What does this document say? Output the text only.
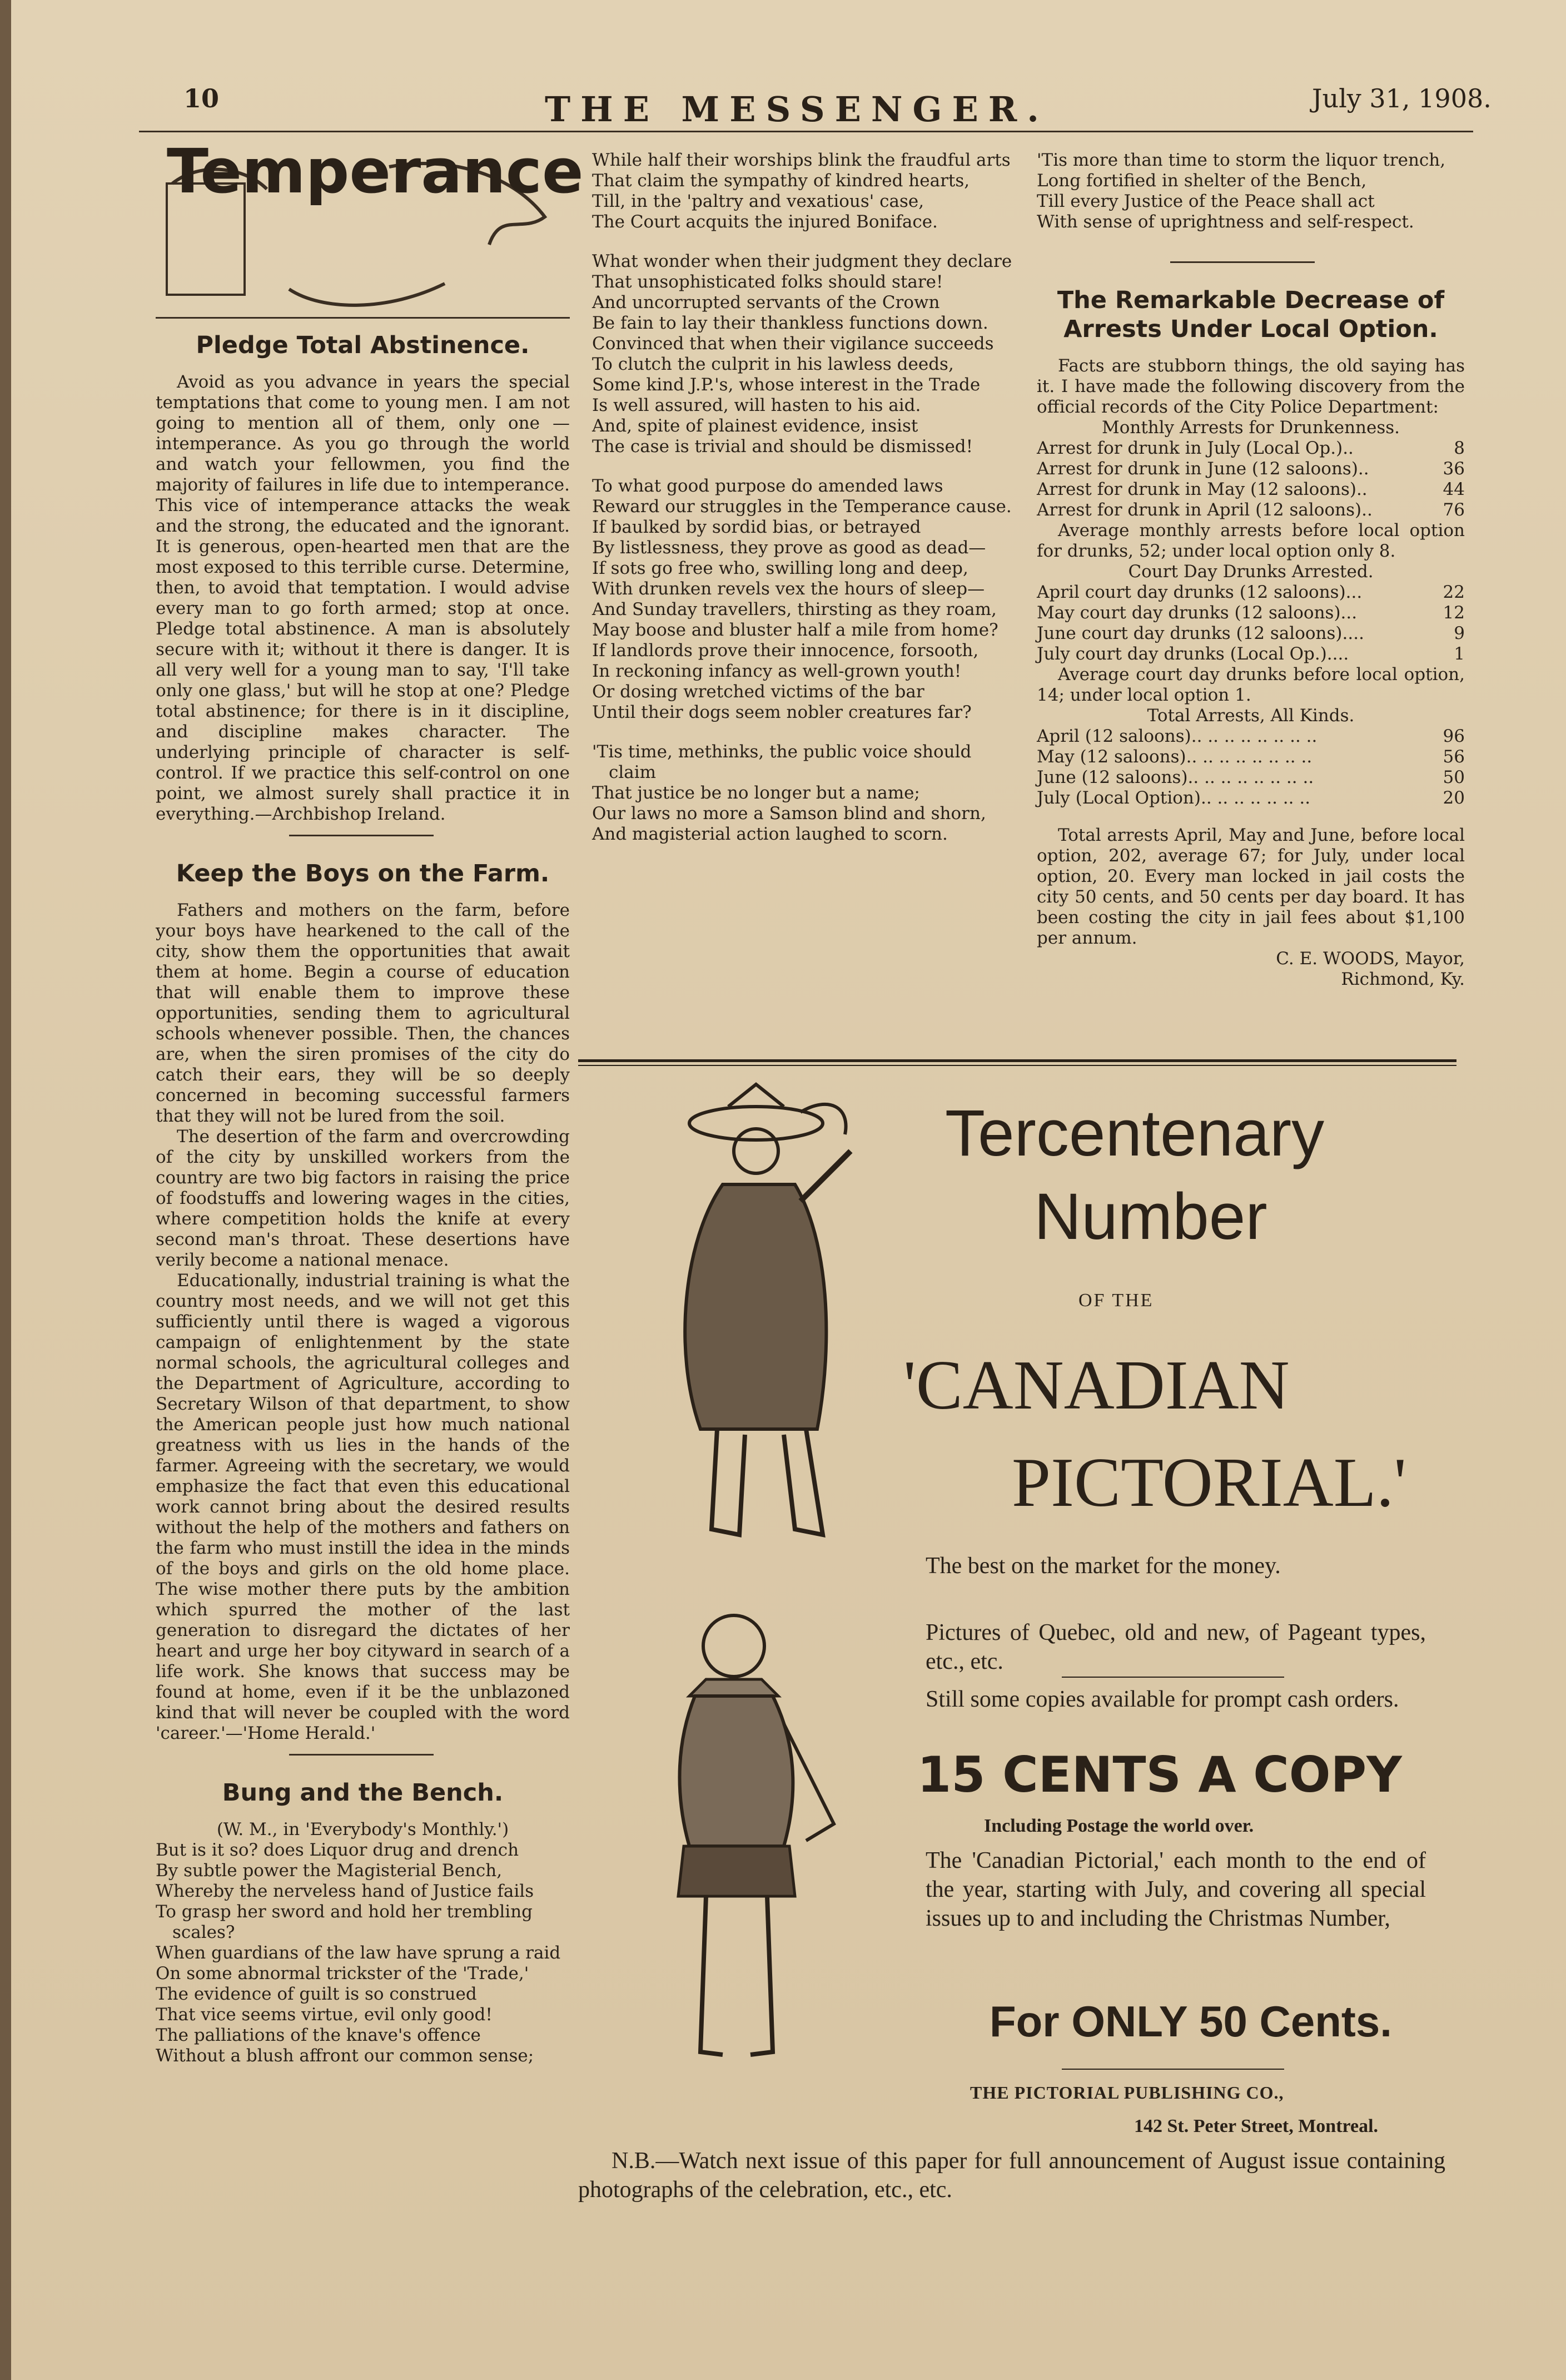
10	THE MESSENGER.	July 31, 1908.
Temperance
Pledge Total Abstinence.

Avoid as you advance in years the special temptations that come to young men. I am not going to mention all of them, only one —intemperance. As you go through the world and watch your fellowmen, you find the majority of failures in life due to intemperance. This vice of intemperance attacks the weak and the strong, the educated and the ignorant. It is generous, open-hearted men that are the most exposed to this terrible curse. Determine, then, to avoid that temptation. I would advise every man to go forth armed; stop at once. Pledge total abstinence. A man is absolutely secure with it; without it there is danger. It is all very well for a young man to say, 'I'll take only one glass,' but will he stop at one? Pledge total abstinence; for there is in it discipline, and discipline makes character. The underlying principle of character is self-control. If we practice this self-control on one point, we almost surely shall practice it in everything.—Archbishop Ireland.

Keep the Boys on the Farm.

Fathers and mothers on the farm, before your boys have hearkened to the call of the city, show them the opportunities that await them at home. Begin a course of education that will enable them to improve these opportunities, sending them to agricultural schools whenever possible. Then, the chances are, when the siren promises of the city do catch their ears, they will be so deeply concerned in becoming successful farmers that they will not be lured from the soil.

The desertion of the farm and overcrowding of the city by unskilled workers from the country are two big factors in raising the price of foodstuffs and lowering wages in the cities, where competition holds the knife at every second man's throat. These desertions have verily become a national menace.

Educationally, industrial training is what the country most needs, and we will not get this sufficiently until there is waged a vigorous campaign of enlightenment by the state normal schools, the agricultural colleges and the Department of Agriculture, according to Secretary Wilson of that department, to show the American people just how much national greatness with us lies in the hands of the farmer. Agreeing with the secretary, we would emphasize the fact that even this educational work cannot bring about the desired results without the help of the mothers and fathers on the farm who must instill the idea in the minds of the boys and girls on the old home place. The wise mother there puts by the ambition which spurred the mother of the last generation to disregard the dictates of her heart and urge her boy cityward in search of a life work. She knows that success may be found at home, even if it be the unblazoned kind that will never be coupled with the word 'career.'—'Home Herald.'

Bung and the Bench.

(W. M., in 'Everybody's Monthly.')

But is it so? does Liquor drug and drench
By subtle power the Magisterial Bench,
Whereby the nerveless hand of Justice fails
To grasp her sword and hold her trembling scales?
When guardians of the law have sprung a raid
On some abnormal trickster of the 'Trade,'
The evidence of guilt is so construed
That vice seems virtue, evil only good!
The palliations of the knave's offence
Without a blush affront our common sense;
While half their worships blink the fraudful arts
That claim the sympathy of kindred hearts,
Till, in the 'paltry and vexatious' case,
The Court acquits the injured Boniface.
What wonder when their judgment they declare
That unsophisticated folks should stare!
And uncorrupted servants of the Crown
Be fain to lay their thankless functions down.
Convinced that when their vigilance succeeds
To clutch the culprit in his lawless deeds,
Some kind J.P.'s, whose interest in the Trade
Is well assured, will hasten to his aid.
And, spite of plainest evidence, insist
The case is trivial and should be dismissed!
To what good purpose do amended laws
Reward our struggles in the Temperance cause.
If baulked by sordid bias, or betrayed
By listlessness, they prove as good as dead—
If sots go free who, swilling long and deep,
With drunken revels vex the hours of sleep—
And Sunday travellers, thirsting as they roam,
May boose and bluster half a mile from home?
If landlords prove their innocence, forsooth,
In reckoning infancy as well-grown youth!
Or dosing wretched victims of the bar
Until their dogs seem nobler creatures far?
'Tis time, methinks, the public voice should claim
That justice be no longer but a name;
Our laws no more a Samson blind and shorn,
And magisterial action laughed to scorn.
'Tis more than time to storm the liquor trench,
Long fortified in shelter of the Bench,
Till every Justice of the Peace shall act
With sense of uprightness and self-respect.
The Remarkable Decrease of Arrests Under Local Option.

Facts are stubborn things, the old saying has it. I have made the following discovery from the official records of the City Police Department:

Monthly Arrests for Drunkenness.

Arrest for drunk in July (Local Op.)..	8
Arrest for drunk in June (12 saloons)..	36
Arrest for drunk in May (12 saloons)..	44
Arrest for drunk in April (12 saloons)..	76

Average monthly arrests before local option for drunks, 52; under local option only 8.

Court Day Drunks Arrested.

April court day drunks (12 saloons)...	22
May court day drunks (12 saloons)...	12
June court day drunks (12 saloons)....	9
July court day drunks (Local Op.)....	1

Average court day drunks before local option, 14; under local option 1.

Total Arrests, All Kinds.

April (12 saloons).. .. .. .. .. .. .. ..	96
May (12 saloons).. .. .. .. .. .. .. ..	56
June (12 saloons).. .. .. .. .. .. .. ..	50
July (Local Option).. .. .. .. .. .. ..	20

Total arrests April, May and June, before local option, 202, average 67; for July, under local option, 20. Every man locked in jail costs the city 50 cents, and 50 cents per day board. It has been costing the city in jail fees about $1,100 per annum.

C. E. WOODS, Mayor,

Richmond, Ky.

Tercentenary
Number
OF THE
'CANADIAN
PICTORIAL.'
The best on the market for the money.
Pictures of Quebec, old and new, of Pageant types, etc., etc.
Still some copies available for prompt cash orders.
15 CENTS A COPY
Including Postage the world over.
The 'Canadian Pictorial,' each month to the end of the year, starting with July, and covering all special issues up to and including the Christmas Number,
For ONLY 50 Cents.
THE PICTORIAL PUBLISHING CO.,
142 St. Peter Street, Montreal.
N.B.—Watch next issue of this paper for full announcement of August issue containing photographs of the celebration, etc., etc.
